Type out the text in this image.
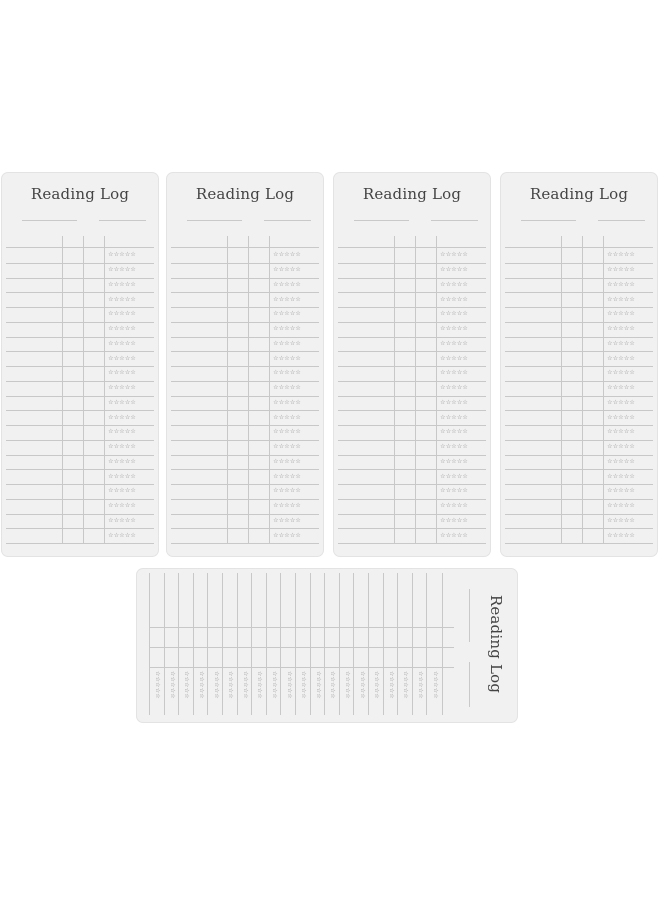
Reading Log
☆☆☆☆☆
☆☆☆☆☆
☆☆☆☆☆
☆☆☆☆☆
☆☆☆☆☆
☆☆☆☆☆
☆☆☆☆☆
☆☆☆☆☆
☆☆☆☆☆
☆☆☆☆☆
☆☆☆☆☆
☆☆☆☆☆
☆☆☆☆☆
☆☆☆☆☆
☆☆☆☆☆
☆☆☆☆☆
☆☆☆☆☆
☆☆☆☆☆
☆☆☆☆☆
☆☆☆☆☆
Reading Log
☆☆☆☆☆
☆☆☆☆☆
☆☆☆☆☆
☆☆☆☆☆
☆☆☆☆☆
☆☆☆☆☆
☆☆☆☆☆
☆☆☆☆☆
☆☆☆☆☆
☆☆☆☆☆
☆☆☆☆☆
☆☆☆☆☆
☆☆☆☆☆
☆☆☆☆☆
☆☆☆☆☆
☆☆☆☆☆
☆☆☆☆☆
☆☆☆☆☆
☆☆☆☆☆
☆☆☆☆☆
Reading Log
☆☆☆☆☆
☆☆☆☆☆
☆☆☆☆☆
☆☆☆☆☆
☆☆☆☆☆
☆☆☆☆☆
☆☆☆☆☆
☆☆☆☆☆
☆☆☆☆☆
☆☆☆☆☆
☆☆☆☆☆
☆☆☆☆☆
☆☆☆☆☆
☆☆☆☆☆
☆☆☆☆☆
☆☆☆☆☆
☆☆☆☆☆
☆☆☆☆☆
☆☆☆☆☆
☆☆☆☆☆
Reading Log
☆☆☆☆☆
☆☆☆☆☆
☆☆☆☆☆
☆☆☆☆☆
☆☆☆☆☆
☆☆☆☆☆
☆☆☆☆☆
☆☆☆☆☆
☆☆☆☆☆
☆☆☆☆☆
☆☆☆☆☆
☆☆☆☆☆
☆☆☆☆☆
☆☆☆☆☆
☆☆☆☆☆
☆☆☆☆☆
☆☆☆☆☆
☆☆☆☆☆
☆☆☆☆☆
☆☆☆☆☆
Reading Log
☆☆☆☆☆
☆☆☆☆☆
☆☆☆☆☆
☆☆☆☆☆
☆☆☆☆☆
☆☆☆☆☆
☆☆☆☆☆
☆☆☆☆☆
☆☆☆☆☆
☆☆☆☆☆
☆☆☆☆☆
☆☆☆☆☆
☆☆☆☆☆
☆☆☆☆☆
☆☆☆☆☆
☆☆☆☆☆
☆☆☆☆☆
☆☆☆☆☆
☆☆☆☆☆
☆☆☆☆☆
